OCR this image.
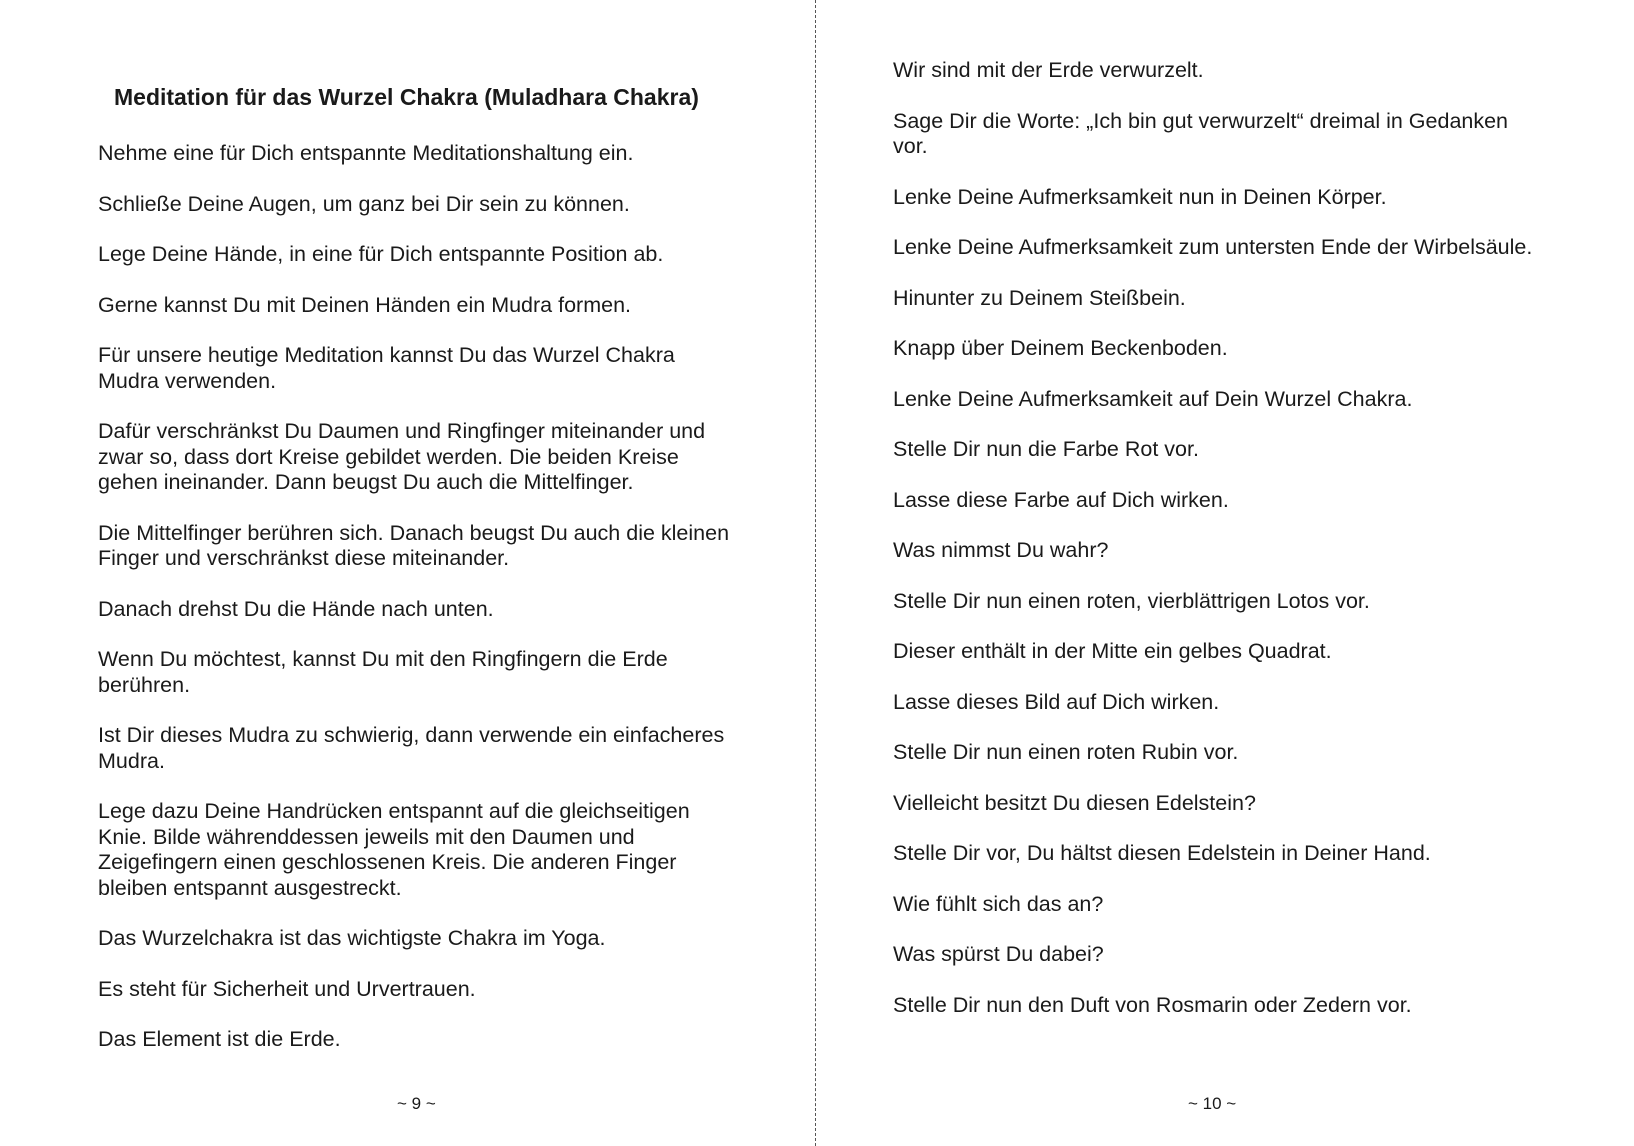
Meditation für das Wurzel Chakra (Muladhara Chakra)

Nehme eine für Dich entspannte Meditationshaltung ein.

Schließe Deine Augen, um ganz bei Dir sein zu können.

Lege Deine Hände, in eine für Dich entspannte Position ab.

Gerne kannst Du mit Deinen Händen ein Mudra formen.

Für unsere heutige Meditation kannst Du das Wurzel Chakra Mudra verwenden.

Dafür verschränkst Du Daumen und Ringfinger miteinander und zwar so, dass dort Kreise gebildet werden. Die beiden Kreise gehen ineinander. Dann beugst Du auch die Mittelfinger.

Die Mittelfinger berühren sich. Danach beugst Du auch die kleinen Finger und verschränkst diese miteinander.

Danach drehst Du die Hände nach unten.

Wenn Du möchtest, kannst Du mit den Ringfingern die Erde berühren.

Ist Dir dieses Mudra zu schwierig, dann verwende ein einfacheres Mudra.

Lege dazu Deine Handrücken entspannt auf die gleichseitigen Knie. Bilde währenddessen jeweils mit den Daumen und Zeigefingern einen geschlossenen Kreis. Die anderen Finger bleiben entspannt ausgestreckt.

Das Wurzelchakra ist das wichtigste Chakra im Yoga.

Es steht für Sicherheit und Urvertrauen.

Das Element ist die Erde.

~ 9 ~

Wir sind mit der Erde verwurzelt.

Sage Dir die Worte: „Ich bin gut verwurzelt“ dreimal in Gedanken vor.

Lenke Deine Aufmerksamkeit nun in Deinen Körper.

Lenke Deine Aufmerksamkeit zum untersten Ende der Wirbelsäule.

Hinunter zu Deinem Steißbein.

Knapp über Deinem Beckenboden.

Lenke Deine Aufmerksamkeit auf Dein Wurzel Chakra.

Stelle Dir nun die Farbe Rot vor.

Lasse diese Farbe auf Dich wirken.

Was nimmst Du wahr?

Stelle Dir nun einen roten, vierblättrigen Lotos vor.

Dieser enthält in der Mitte ein gelbes Quadrat.

Lasse dieses Bild auf Dich wirken.

Stelle Dir nun einen roten Rubin vor.

Vielleicht besitzt Du diesen Edelstein?

Stelle Dir vor, Du hältst diesen Edelstein in Deiner Hand.

Wie fühlt sich das an?

Was spürst Du dabei?

Stelle Dir nun den Duft von Rosmarin oder Zedern vor.

~ 10 ~
